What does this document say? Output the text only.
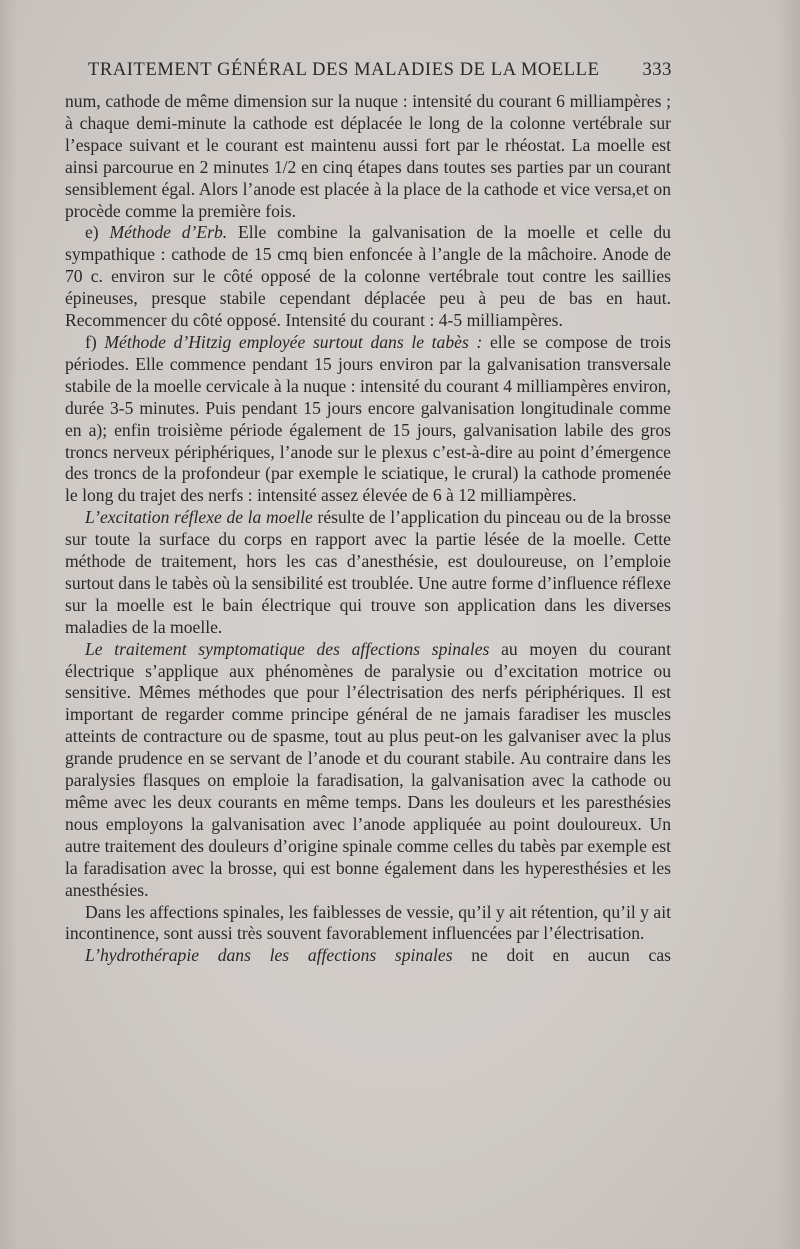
TRAITEMENT GÉNÉRAL DES MALADIES DE LA MOELLE 333

num, cathode de même dimension sur la nuque : intensité du courant 6 milliampères ; à chaque demi-minute la cathode est déplacée le long de la colonne vertébrale sur l’espace suivant et le courant est maintenu aussi fort par le rhéostat. La moelle est ainsi parcourue en 2 minutes 1/2 en cinq étapes dans toutes ses parties par un courant sensiblement égal. Alors l’anode est placée à la place de la cathode et vice versa,et on procède comme la première fois.

e) Méthode d’Erb. Elle combine la galvanisation de la moelle et celle du sympathique : cathode de 15 cmq bien enfoncée à l’angle de la mâchoire. Anode de 70 c. environ sur le côté opposé de la colonne vertébrale tout contre les saillies épineuses, presque stabile cependant déplacée peu à peu de bas en haut. Recommencer du côté opposé. Intensité du courant : 4-5 milliampères.

f) Méthode d’Hitzig employée surtout dans le tabès : elle se compose de trois périodes. Elle commence pendant 15 jours environ par la galvanisation transversale stabile de la moelle cervicale à la nuque : intensité du courant 4 milliampères environ, durée 3-5 minutes. Puis pendant 15 jours encore galvanisation longitudinale comme en a); enfin troisième période également de 15 jours, galvanisation labile des gros troncs nerveux périphériques, l’anode sur le plexus c’est-à-dire au point d’émergence des troncs de la profondeur (par exemple le sciatique, le crural) la cathode promenée le long du trajet des nerfs : intensité assez élevée de 6 à 12 milliampères.

L’excitation réflexe de la moelle résulte de l’application du pinceau ou de la brosse sur toute la surface du corps en rapport avec la partie lésée de la moelle. Cette méthode de traitement, hors les cas d’anesthésie, est douloureuse, on l’emploie surtout dans le tabès où la sensibilité est troublée. Une autre forme d’influence réflexe sur la moelle est le bain électrique qui trouve son application dans les diverses maladies de la moelle.

Le traitement symptomatique des affections spinales au moyen du courant électrique s’applique aux phénomènes de paralysie ou d’excitation motrice ou sensitive. Mêmes méthodes que pour l’électrisation des nerfs périphériques. Il est important de regarder comme principe général de ne jamais faradiser les muscles atteints de contracture ou de spasme, tout au plus peut-on les galvaniser avec la plus grande prudence en se servant de l’anode et du courant stabile. Au contraire dans les paralysies flasques on emploie la faradisation, la galvanisation avec la cathode ou même avec les deux courants en même temps. Dans les douleurs et les paresthésies nous employons la galvanisation avec l’anode appliquée au point douloureux. Un autre traitement des douleurs d’origine spinale comme celles du tabès par exemple est la faradisation avec la brosse, qui est bonne également dans les hyperesthésies et les anesthésies.

Dans les affections spinales, les faiblesses de vessie, qu’il y ait rétention, qu’il y ait incontinence, sont aussi très souvent favorablement influencées par l’électrisation.

L’hydrothérapie dans les affections spinales ne doit en aucun cas
